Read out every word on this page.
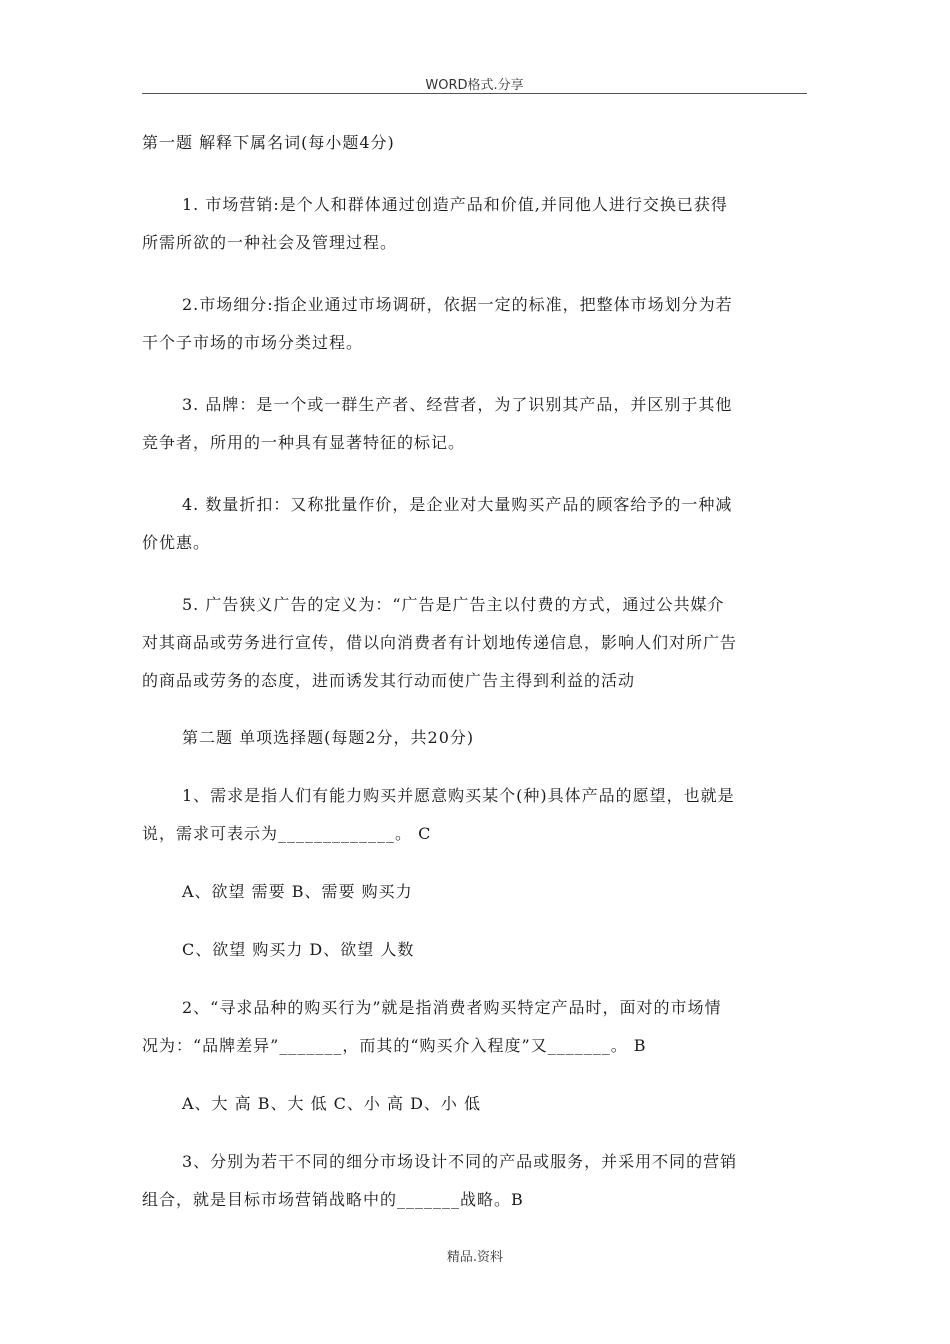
WORD格式.分享
第一题 解释下属名词(每小题4分)
1. 市场营销:是个人和群体通过创造产品和价值,并同他人进行交换已获得
所需所欲的一种社会及管理过程。
2.市场细分:指企业通过市场调研，依据一定的标准，把整体市场划分为若
干个子市场的市场分类过程。
3. 品牌：是一个或一群生产者、经营者，为了识别其产品，并区别于其他
竞争者，所用的一种具有显著特征的标记。
4. 数量折扣：又称批量作价，是企业对大量购买产品的顾客给予的一种减
价优惠。
5. 广告狭义广告的定义为：“广告是广告主以付费的方式，通过公共媒介
对其商品或劳务进行宣传，借以向消费者有计划地传递信息，影响人们对所广告
的商品或劳务的态度，进而诱发其行动而使广告主得到利益的活动
第二题 单项选择题(每题2分，共20分)
1、需求是指人们有能力购买并愿意购买某个(种)具体产品的愿望，也就是
说，需求可表示为_____________。 C
A、欲望 需要 B、需要 购买力
C、欲望 购买力 D、欲望 人数
2、“寻求品种的购买行为”就是指消费者购买特定产品时，面对的市场情
况为：“品牌差异”_______，而其的“购买介入程度”又_______。 B
A、大 高 B、大 低 C、小 高 D、小 低
3、分别为若干不同的细分市场设计不同的产品或服务，并采用不同的营销
组合，就是目标市场营销战略中的_______战略。B
精品.资料
